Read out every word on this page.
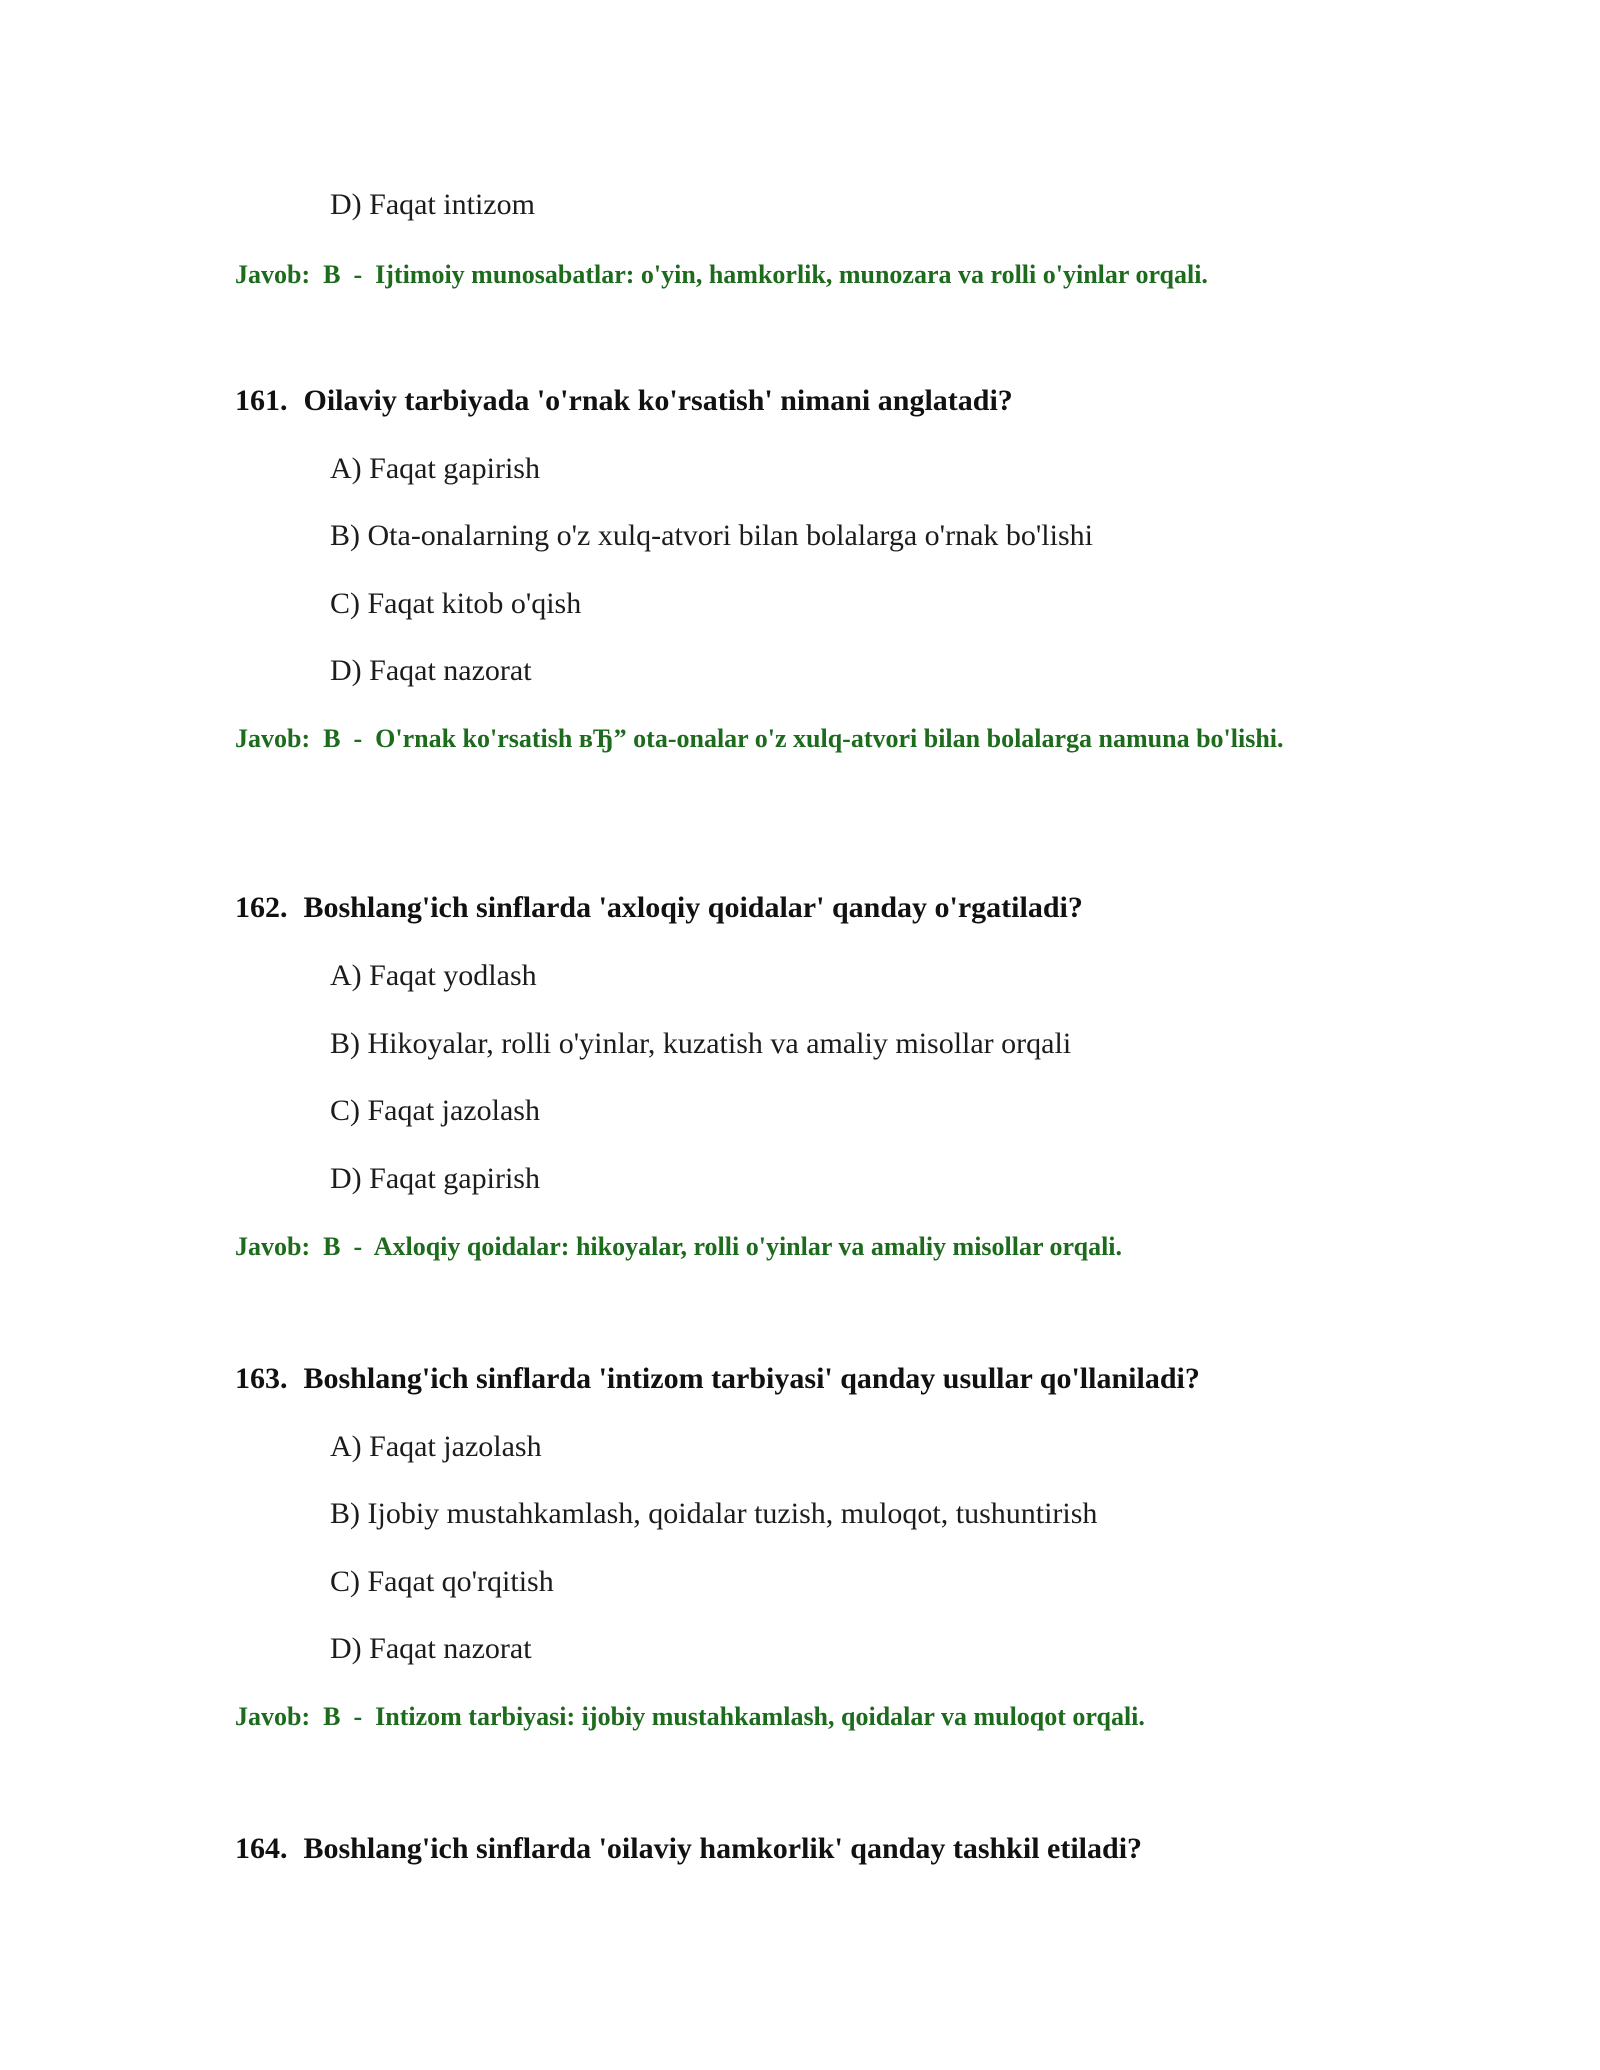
D) Faqat intizom
Javob: B - Ijtimoiy munosabatlar: o'yin, hamkorlik, munozara va rolli o'yinlar orqali.
161. Oilaviy tarbiyada 'o'rnak ko'rsatish' nimani anglatadi?
A) Faqat gapirish
B) Ota-onalarning o'z xulq-atvori bilan bolalarga o'rnak bo'lishi
C) Faqat kitob o'qish
D) Faqat nazorat
Javob: B - O'rnak ko'rsatish вЂ” ota-onalar o'z xulq-atvori bilan bolalarga namuna bo'lishi.
162. Boshlang'ich sinflarda 'axloqiy qoidalar' qanday o'rgatiladi?
A) Faqat yodlash
B) Hikoyalar, rolli o'yinlar, kuzatish va amaliy misollar orqali
C) Faqat jazolash
D) Faqat gapirish
Javob: B - Axloqiy qoidalar: hikoyalar, rolli o'yinlar va amaliy misollar orqali.
163. Boshlang'ich sinflarda 'intizom tarbiyasi' qanday usullar qo'llaniladi?
A) Faqat jazolash
B) Ijobiy mustahkamlash, qoidalar tuzish, muloqot, tushuntirish
C) Faqat qo'rqitish
D) Faqat nazorat
Javob: B - Intizom tarbiyasi: ijobiy mustahkamlash, qoidalar va muloqot orqali.
164. Boshlang'ich sinflarda 'oilaviy hamkorlik' qanday tashkil etiladi?
